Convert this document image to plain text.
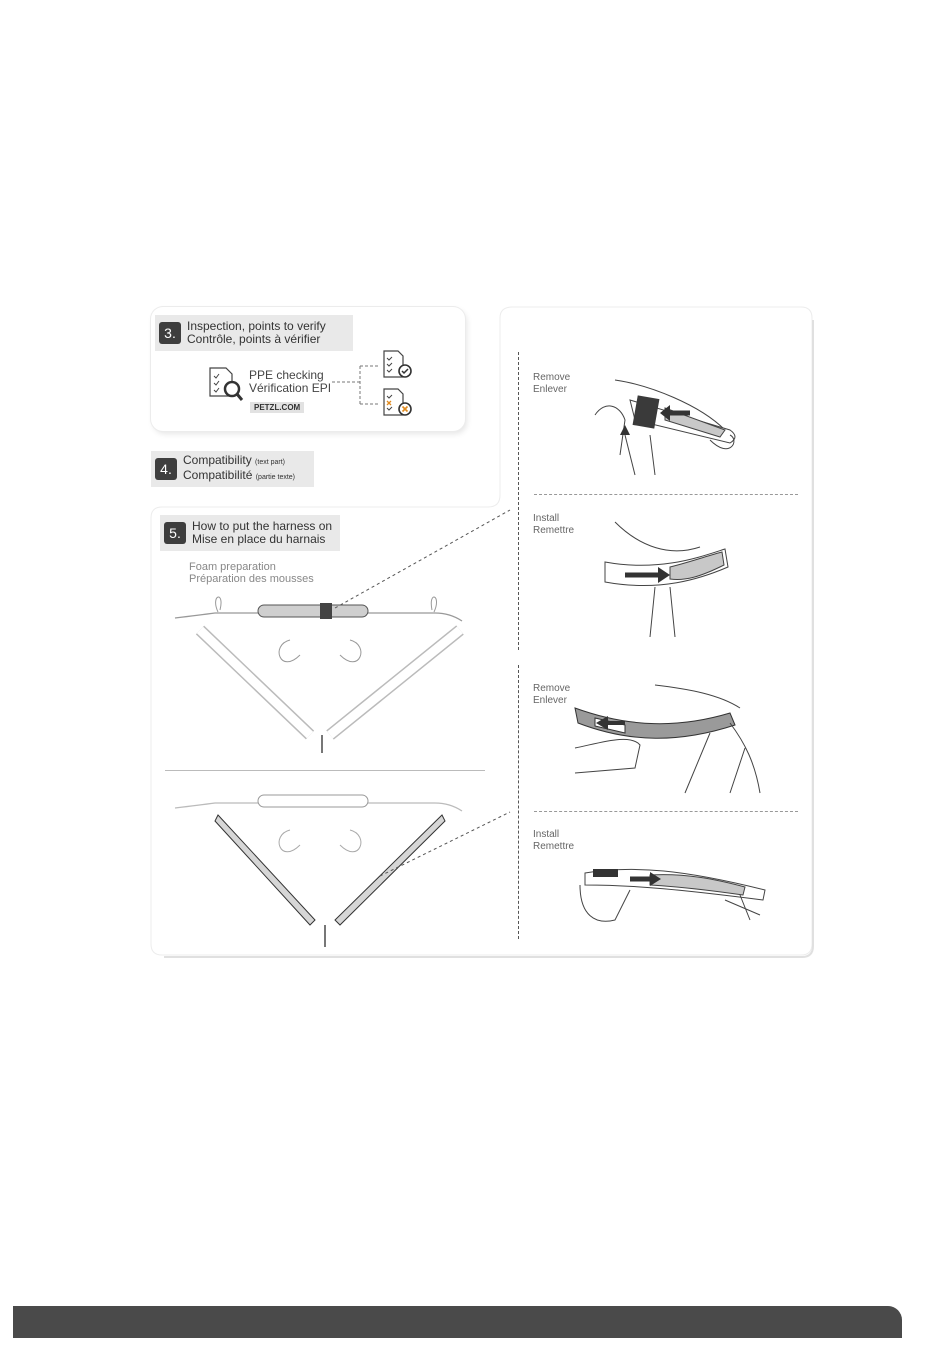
3. Inspection, points to verify
Contrôle, points à vérifier
PPE checking
Vérification EPI
PETZL.COM
4.
Compatibility (text part)
Compatibilité (partie texte)
5. How to put the harness on
Mise en place du harnais
Foam preparation
Préparation des mousses
Remove
Enlever
Install
Remettre
Remove
Enlever
Install
Remettre
